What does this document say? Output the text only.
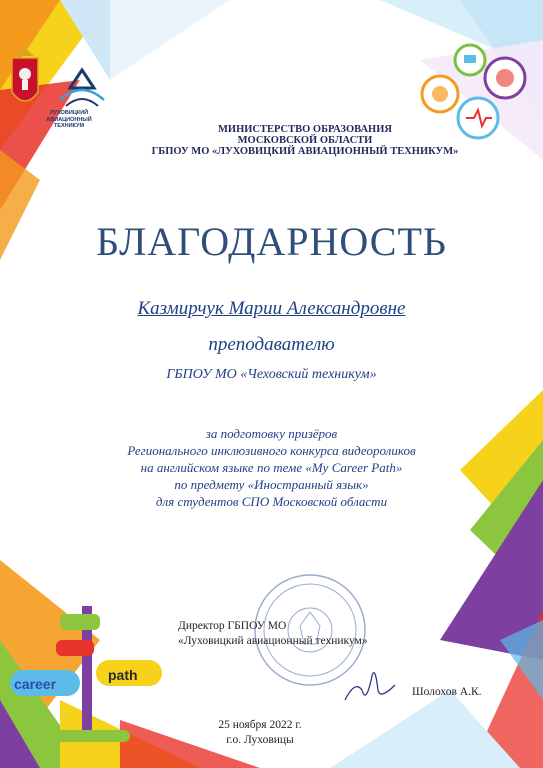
ЛУХОВИЦКИЙ
АВИАЦИОННЫЙ
ТЕХНИКУМ	МИНИСТЕРСТВО ОБРАЗОВАНИЯ
МОСКОВСКОЙ ОБЛАСТИ
ГБПОУ МО «ЛУХОВИЦКИЙ АВИАЦИОННЫЙ ТЕХНИКУМ»
БЛАГОДАРНОСТЬ
Казмирчук Марии Александровне
преподавателю
ГБПОУ МО «Чеховский техникум»
за подготовку призёров
Регионального инклюзивного конкурса видеороликов
на английском языке по теме «My Career Path»
по предмету «Иностранный язык»
для студентов СПО Московской области
Директор ГБПОУ МО
«Луховицкий авиационный техникум»
Шолохов А.К.
25 ноября 2022 г.
г.о. Луховицы
career
path
